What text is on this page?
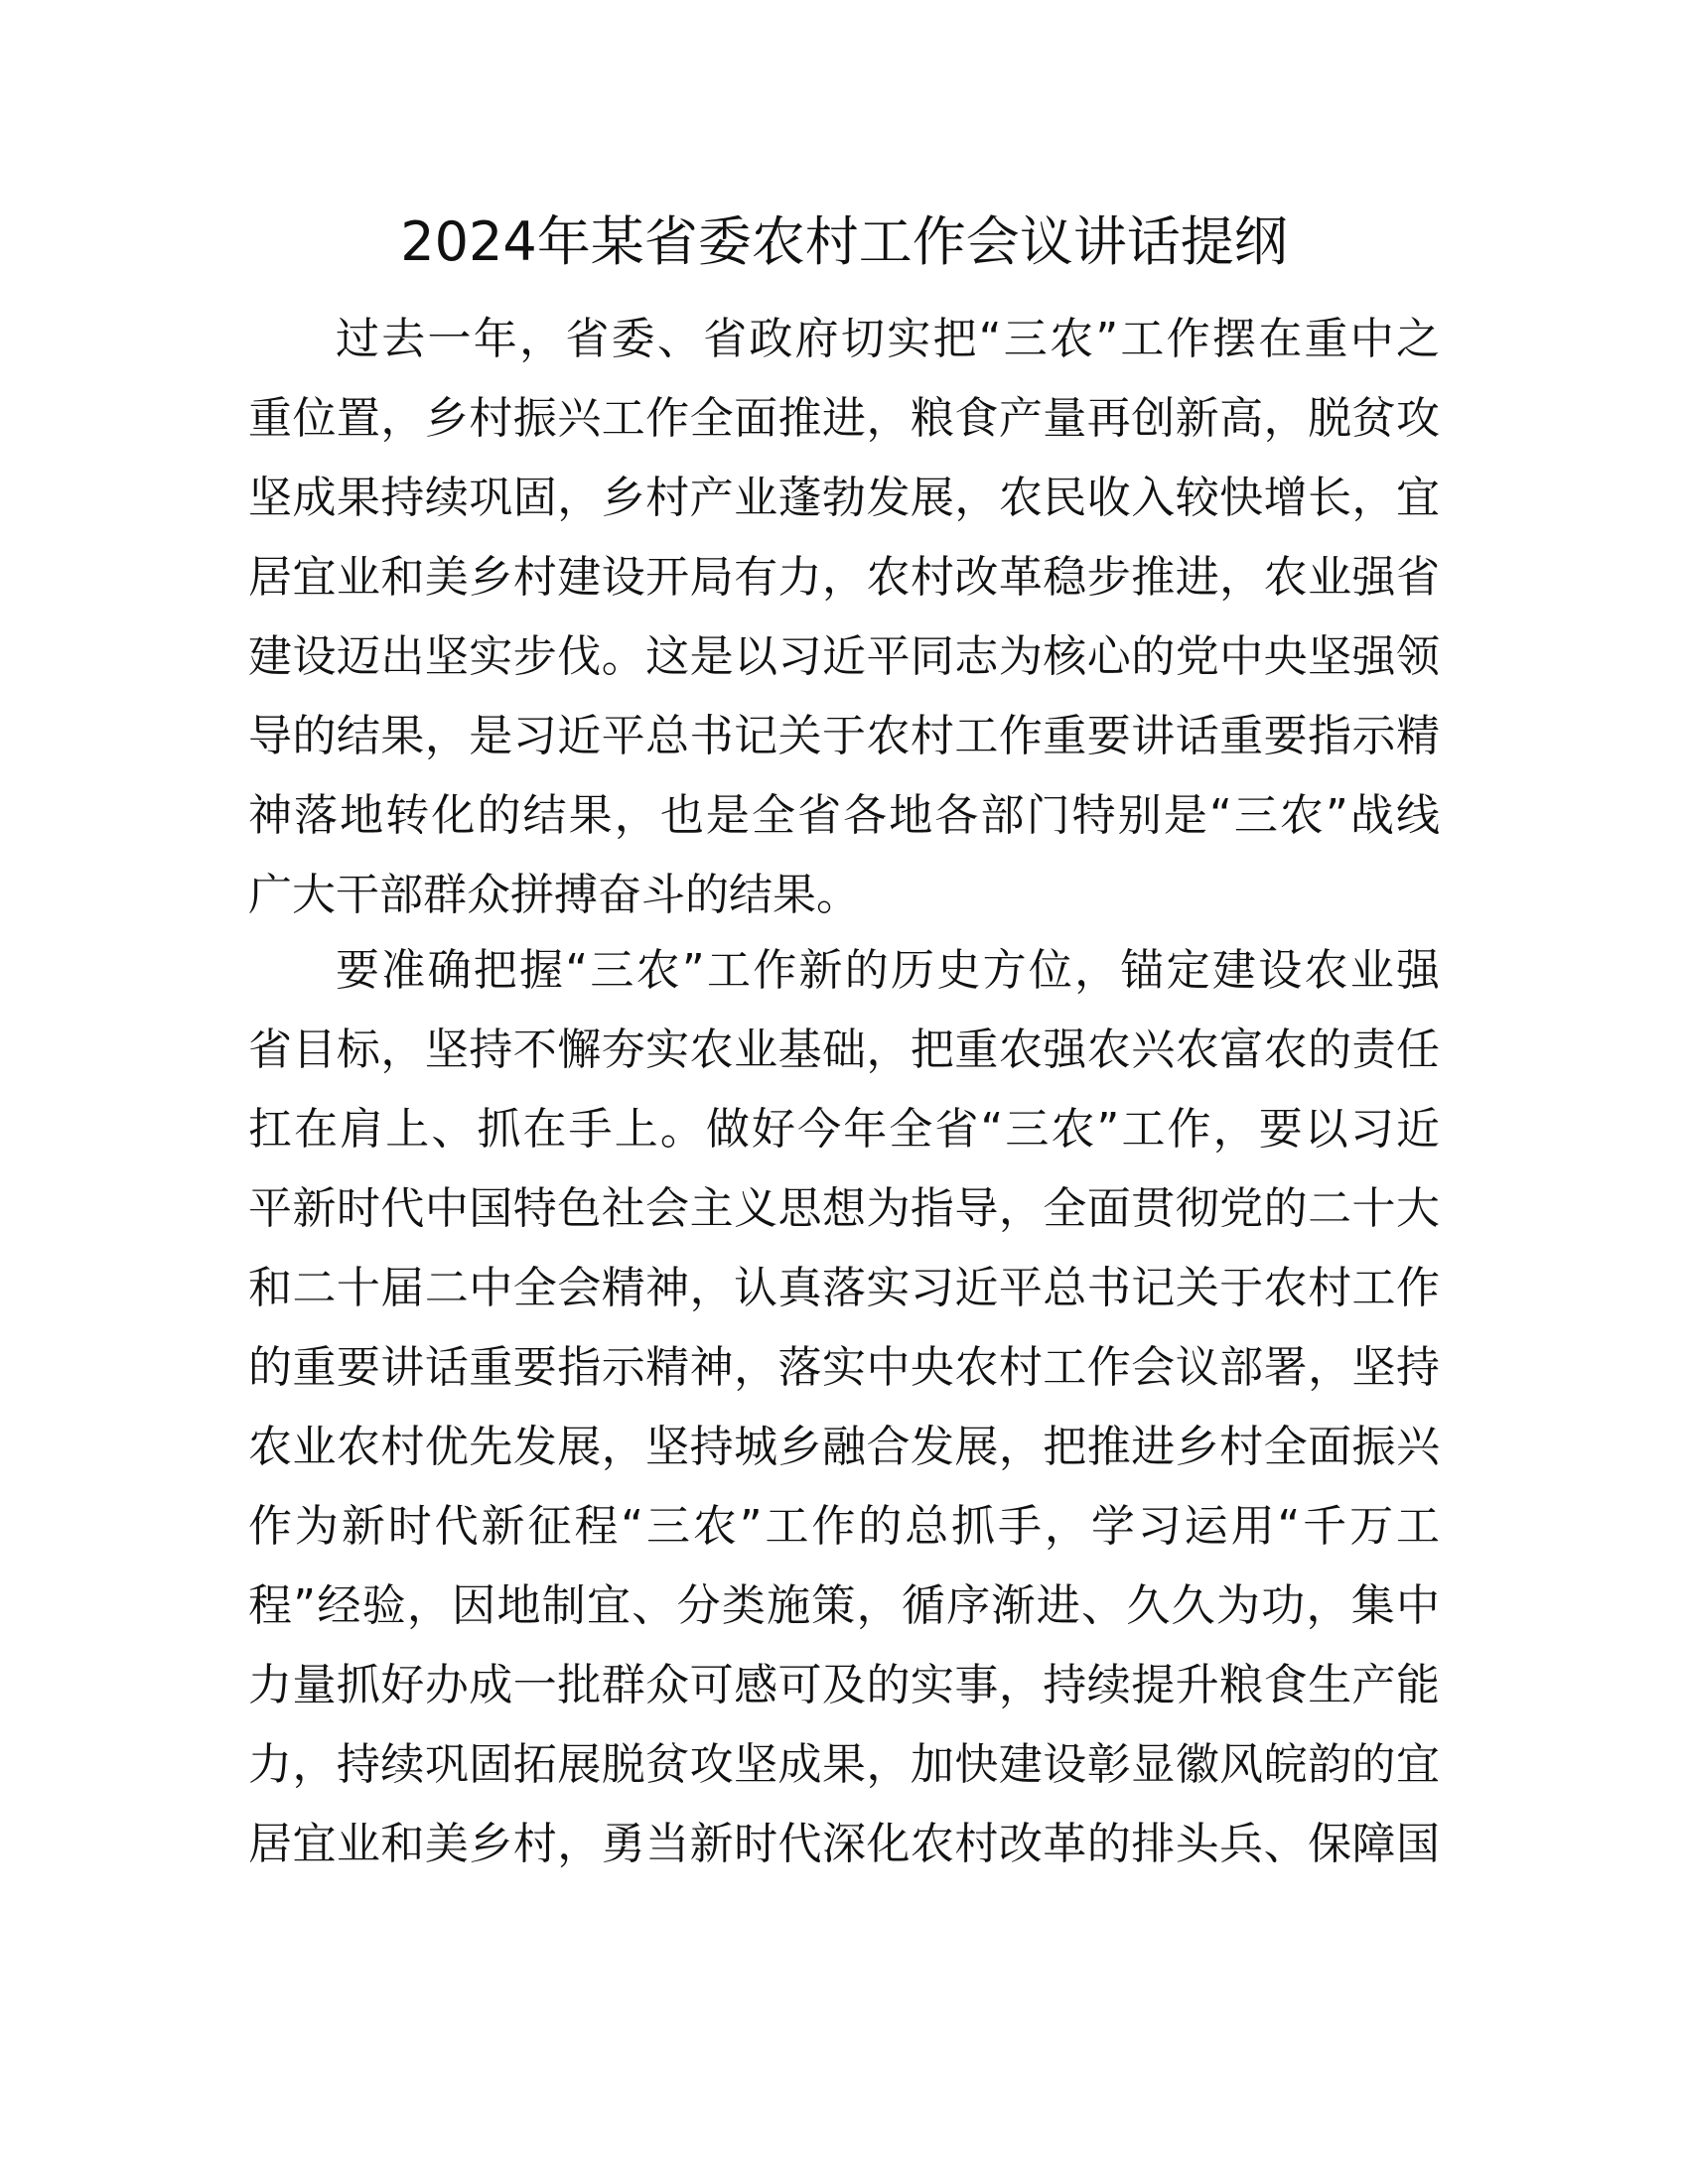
2024年某省委农村工作会议讲话提纲
过去一年，省委、省政府切实把“三农”工作摆在重中之
重位置，乡村振兴工作全面推进，粮食产量再创新高，脱贫攻
坚成果持续巩固，乡村产业蓬勃发展，农民收入较快增长，宜
居宜业和美乡村建设开局有力，农村改革稳步推进，农业强省
建设迈出坚实步伐。这是以习近平同志为核心的党中央坚强领
导的结果，是习近平总书记关于农村工作重要讲话重要指示精
神落地转化的结果，也是全省各地各部门特别是“三农”战线
广大干部群众拼搏奋斗的结果。
要准确把握“三农”工作新的历史方位，锚定建设农业强
省目标，坚持不懈夯实农业基础，把重农强农兴农富农的责任
扛在肩上、抓在手上。做好今年全省“三农”工作，要以习近
平新时代中国特色社会主义思想为指导，全面贯彻党的二十大
和二十届二中全会精神，认真落实习近平总书记关于农村工作
的重要讲话重要指示精神，落实中央农村工作会议部署，坚持
农业农村优先发展，坚持城乡融合发展，把推进乡村全面振兴
作为新时代新征程“三农”工作的总抓手，学习运用“千万工
程”经验，因地制宜、分类施策，循序渐进、久久为功，集中
力量抓好办成一批群众可感可及的实事，持续提升粮食生产能
力，持续巩固拓展脱贫攻坚成果，加快建设彰显徽风皖韵的宜
居宜业和美乡村，勇当新时代深化农村改革的排头兵、保障国
